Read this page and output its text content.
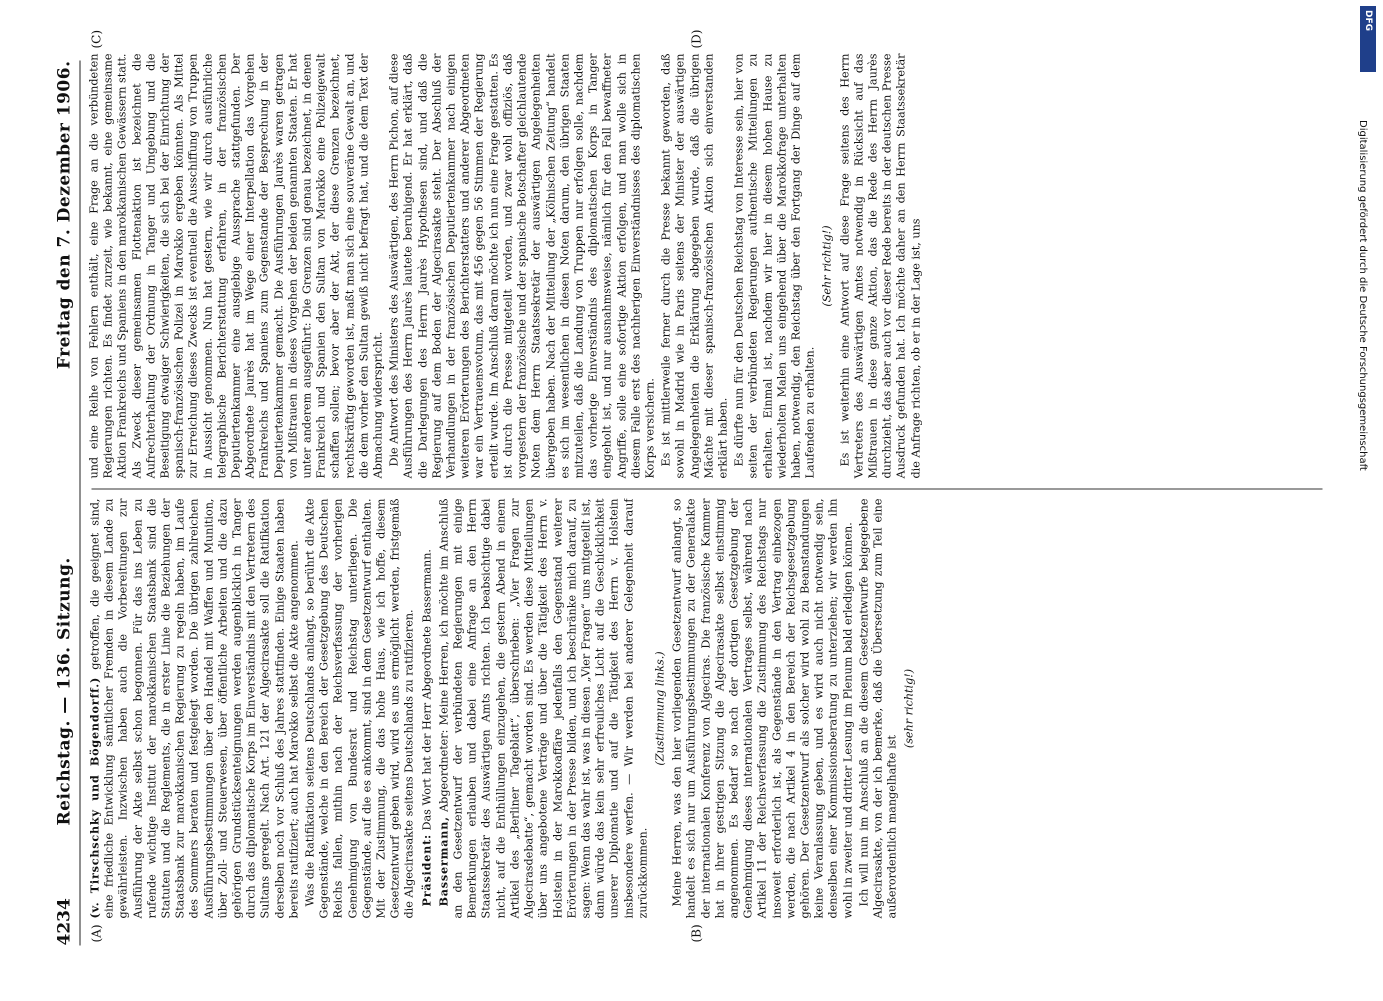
4234
Reichstag. — 136. Sitzung.
Freitag den 7. Dezember 1906.
(A)	(B)
(C)	(D)

(v. Tirschschky und Bögendorff.) getroffen, die geeignet sind, eine friedliche Entwicklung sämtlicher Fremden in diesem Lande zu gewährleisten. Inzwischen haben auch die Vorbereitungen zur Ausführung der Akte selbst schon begonnen. Für das ins Leben zu rufende wichtige Institut der marokkanischen Staatsbank sind die Statuten und die Reglements, die in erster Linie die Beziehungen der Staatsbank zur marokkanischen Regierung zu regeln haben, im Laufe des Sommers beraten und festgelegt worden. Die übrigen zahlreichen Ausführungsbestimmungen über den Handel mit Waffen und Munition, über Zoll- und Steuerwesen, über öffentliche Arbeiten und die dazu gehörigen Grundstücksenteignungen werden augenblicklich in Tanger durch das diplomatische Korps im Einverständnis mit den Vertretern des Sultans geregelt. Nach Art. 121 der Algecirasakte soll die Ratifikation derselben noch vor Schluß des Jahres stattfinden. Einige Staaten haben bereits ratifiziert; auch hat Marokko selbst die Akte angenommen. Was die Ratifikation seitens Deutschlands anlangt, so berührt die Akte Gegenstände, welche in den Bereich der Gesetzgebung des Deutschen Reichs fallen, mithin nach der Reichsverfassung der vorherigen Genehmigung von Bundesrat und Reichstag unterliegen. Die Gegenstände, auf die es ankommt, sind in dem Gesetzentwurf enthalten. Mit der Zustimmung, die das hohe Haus, wie ich hoffe, diesem Gesetzentwurf geben wird, wird es uns ermöglicht werden, fristgemäß die Algecirasakte seitens Deutschlands zu ratifizieren. Präsident: Das Wort hat der Herr Abgeordnete Bassermann.

Bassermann, Abgeordneter: Meine Herren, ich möchte im Anschluß an den Gesetzentwurf der verbündeten Regierungen mit einige Bemerkungen erlauben und dabei eine Anfrage an den Herrn Staatssekretär des Auswärtigen Amts richten. Ich beabsichtige dabei nicht, auf die Enthüllungen einzugehen, die gestern Abend in einem Artikel des „Berliner Tageblatt“, überschrieben: „Vier Fragen zur Algecirasdebatte“, gemacht worden sind. Es werden diese Mitteilungen über uns angebotene Verträge und über die Tätigkeit des Herrn v. Holstein in der Marokkoaffäre jedenfalls den Gegenstand weiterer Erörterungen in der Presse bilden, und ich beschränke mich darauf, zu sagen: Wenn das wahr ist, was in diesen „Vier Fragen“ uns mitgeteilt ist, dann würde das kein sehr erfreuliches Licht auf die Geschicklichkeit unserer Diplomatie und auf die Tätigkeit des Herrn v. Holstein insbesondere werfen. — Wir werden bei anderer Gelegenheit darauf zurückkommen.

(Zustimmung links.) Meine Herren, was den hier vorliegenden Gesetzentwurf anlangt, so handelt es sich nur um Ausführungsbestimmungen zu der Generalakte der internationalen Konferenz von Algeciras. Die französische Kammer hat in ihrer gestrigen Sitzung die Algecirasakte selbst einstimmig angenommen. Es bedarf so nach der dortigen Gesetzgebung der Genehmigung dieses internationalen Vertrages selbst, während nach Artikel 11 der Reichsverfassung die Zustimmung des Reichstags nur insoweit erforderlich ist, als Gegenstände in den Vertrag einbezogen werden, die nach Artikel 4 in den Bereich der Reichsgesetzgebung gehören. Der Gesetzentwurf als solcher wird wohl zu Beanstandungen keine Veranlassung geben, und es wird auch nicht notwendig sein, denselben einer Kommissionsberatung zu unterziehen; wir werden ihn wohl in zweiter und dritter Lesung im Plenum bald erledigen können. Ich will nun im Anschluß an die diesem Gesetzentwurfe beigegebene Algecirasakte, von der ich bemerke, daß die Übersetzung zum Teil eine außerordentlich mangelhafte ist

(sehr richtig!)

und eine Reihe von Fehlern enthält, eine Frage an die verbündeten Regierungen richten. Es findet zurzeit, wie bekannt, eine gemeinsame Aktion Frankreichs und Spaniens in den marokkanischen Gewässern statt. Als Zweck dieser gemeinsamen Flottenaktion ist bezeichnet die Aufrechterhaltung der Ordnung in Tanger und Umgebung und die Beseitigung etwaiger Schwierigkeiten, die sich bei der Einrichtung der spanisch-französischen Polizei in Marokko ergeben könnten. Als Mittel zur Erreichung dieses Zwecks ist eventuell die Ausschiffung von Truppen in Aussicht genommen. Nun hat gestern, wie wir durch ausführliche telegraphische Berichterstattung erfahren, in der französischen Deputiertenkammer eine ausgiebige Aussprache stattgefunden. Der Abgeordnete Jaurès hat im Wege einer Interpellation das Vorgehen Frankreichs und Spaniens zum Gegenstande der Besprechung in der Deputiertenkammer gemacht. Die Ausführungen Jaurès waren getragen von Mißtrauen in dieses Vorgehen der beiden genannten Staaten. Er hat unter anderem ausgeführt: Die Grenzen sind genau bezeichnet, in denen Frankreich und Spanien den Sultan von Marokko eine Polizeigewalt schaffen sollen; bevor aber der Akt, der diese Grenzen bezeichnet, rechtskräftig geworden ist, maßt man sich eine souveräne Gewalt an, und die dem vorher den Sultan gewiß nicht befragt hat, und die dem Text der Abmachung widerspricht. Die Antwort des Ministers des Auswärtigen, des Herrn Pichon, auf diese Ausführungen des Herrn Jaurès lautete beruhigend. Er hat erklärt, daß die Darlegungen des Herrn Jaurès Hypothesen sind, und daß die Regierung auf dem Boden der Algecirasakte steht. Der Abschluß der Verhandlungen in der französischen Deputiertenkammer nach einigen weiteren Erörterungen des Berichterstatters und anderer Abgeordneten war ein Vertrauensvotum, das mit 456 gegen 56 Stimmen der Regierung erteilt wurde. Im Anschluß daran möchte ich nun eine Frage gestatten. Es ist durch die Presse mitgeteilt worden, und zwar wohl offiziös, daß vorgestern der französische und der spanische Botschafter gleichlautende Noten dem Herrn Staatssekretär der auswärtigen Angelegenheiten übergeben haben. Nach der Mitteilung der „Kölnischen Zeitung“ handelt es sich im wesentlichen in diesen Noten darum, den übrigen Staaten mitzuteilen, daß die Landung von Truppen nur erfolgen solle, nachdem das vorherige Einverständnis des diplomatischen Korps in Tanger eingeholt ist, und nur ausnahmsweise, nämlich für den Fall bewaffneter Angriffe, solle eine sofortige Aktion erfolgen, und man wolle sich in diesem Falle erst des nachherigen Einverständnisses des diplomatischen Korps versichern. Es ist mittlerweile ferner durch die Presse bekannt geworden, daß sowohl in Madrid wie in Paris seitens der Minister der auswärtigen Angelegenheiten die Erklärung abgegeben wurde, daß die übrigen Mächte mit dieser spanisch-französischen Aktion sich einverstanden erklärt haben. Es dürfte nun für den Deutschen Reichstag von Interesse sein, hier von seiten der verbündeten Regierungen authentische Mitteilungen zu erhalten. Einmal ist, nachdem wir hier in diesem hohen Hause zu wiederholten Malen uns eingehend über die Marokkofrage unterhalten haben, notwendig, den Reichstag über den Fortgang der Dinge auf dem Laufenden zu erhalten.

(Sehr richtig!) Es ist weiterhin eine Antwort auf diese Frage seitens des Herrn Vertreters des Auswärtigen Amtes notwendig in Rücksicht auf das Mißtrauen in diese ganze Aktion, das die Rede des Herrn Jaurès durchzieht, das aber auch vor dieser Rede bereits in der deutschen Presse Ausdruck gefunden hat. Ich möchte daher an den Herrn Staatssekretär die Anfrage richten, ob er in der Lage ist, uns	Digitalisierung gefördert durch die Deutsche Forschungsgemeinschaft
DFG
